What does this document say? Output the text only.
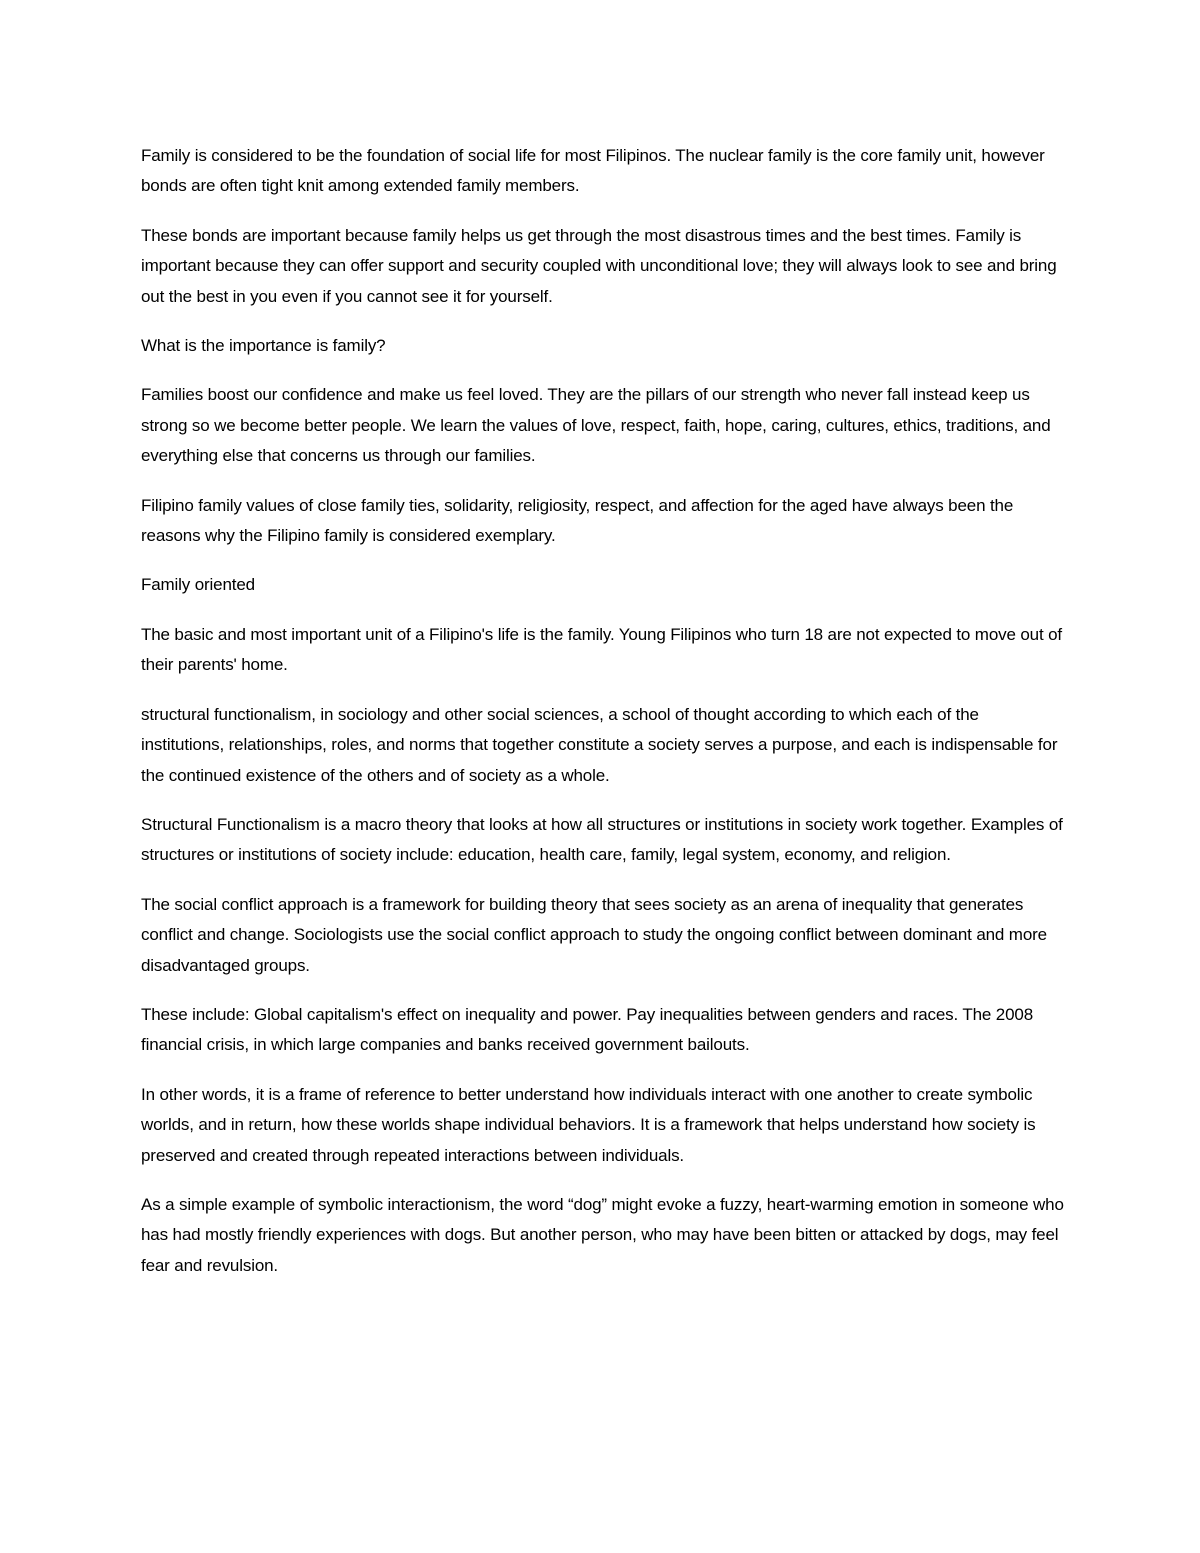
Family is considered to be the foundation of social life for most Filipinos. The nuclear family is the core family unit, however bonds are often tight knit among extended family members.

These bonds are important because family helps us get through the most disastrous times and the best times. Family is important because they can offer support and security coupled with unconditional love; they will always look to see and bring out the best in you even if you cannot see it for yourself.

What is the importance is family?

Families boost our confidence and make us feel loved. They are the pillars of our strength who never fall instead keep us strong so we become better people. We learn the values of love, respect, faith, hope, caring, cultures, ethics, traditions, and everything else that concerns us through our families.

Filipino family values of close family ties, solidarity, religiosity, respect, and affection for the aged have always been the reasons why the Filipino family is considered exemplary.

Family oriented

The basic and most important unit of a Filipino's life is the family. Young Filipinos who turn 18 are not expected to move out of their parents' home.

structural functionalism, in sociology and other social sciences, a school of thought according to which each of the institutions, relationships, roles, and norms that together constitute a society serves a purpose, and each is indispensable for the continued existence of the others and of society as a whole.

Structural Functionalism is a macro theory that looks at how all structures or institutions in society work together. Examples of structures or institutions of society include: education, health care, family, legal system, economy, and religion.

The social conflict approach is a framework for building theory that sees society as an arena of inequality that generates conflict and change. Sociologists use the social conflict approach to study the ongoing conflict between dominant and more disadvantaged groups.

These include: Global capitalism's effect on inequality and power. Pay inequalities between genders and races. The 2008 financial crisis, in which large companies and banks received government bailouts.

In other words, it is a frame of reference to better understand how individuals interact with one another to create symbolic worlds, and in return, how these worlds shape individual behaviors. It is a framework that helps understand how society is preserved and created through repeated interactions between individuals.

As a simple example of symbolic interactionism, the word “dog” might evoke a fuzzy, heart-warming emotion in someone who has had mostly friendly experiences with dogs. But another person, who may have been bitten or attacked by dogs, may feel fear and revulsion.
